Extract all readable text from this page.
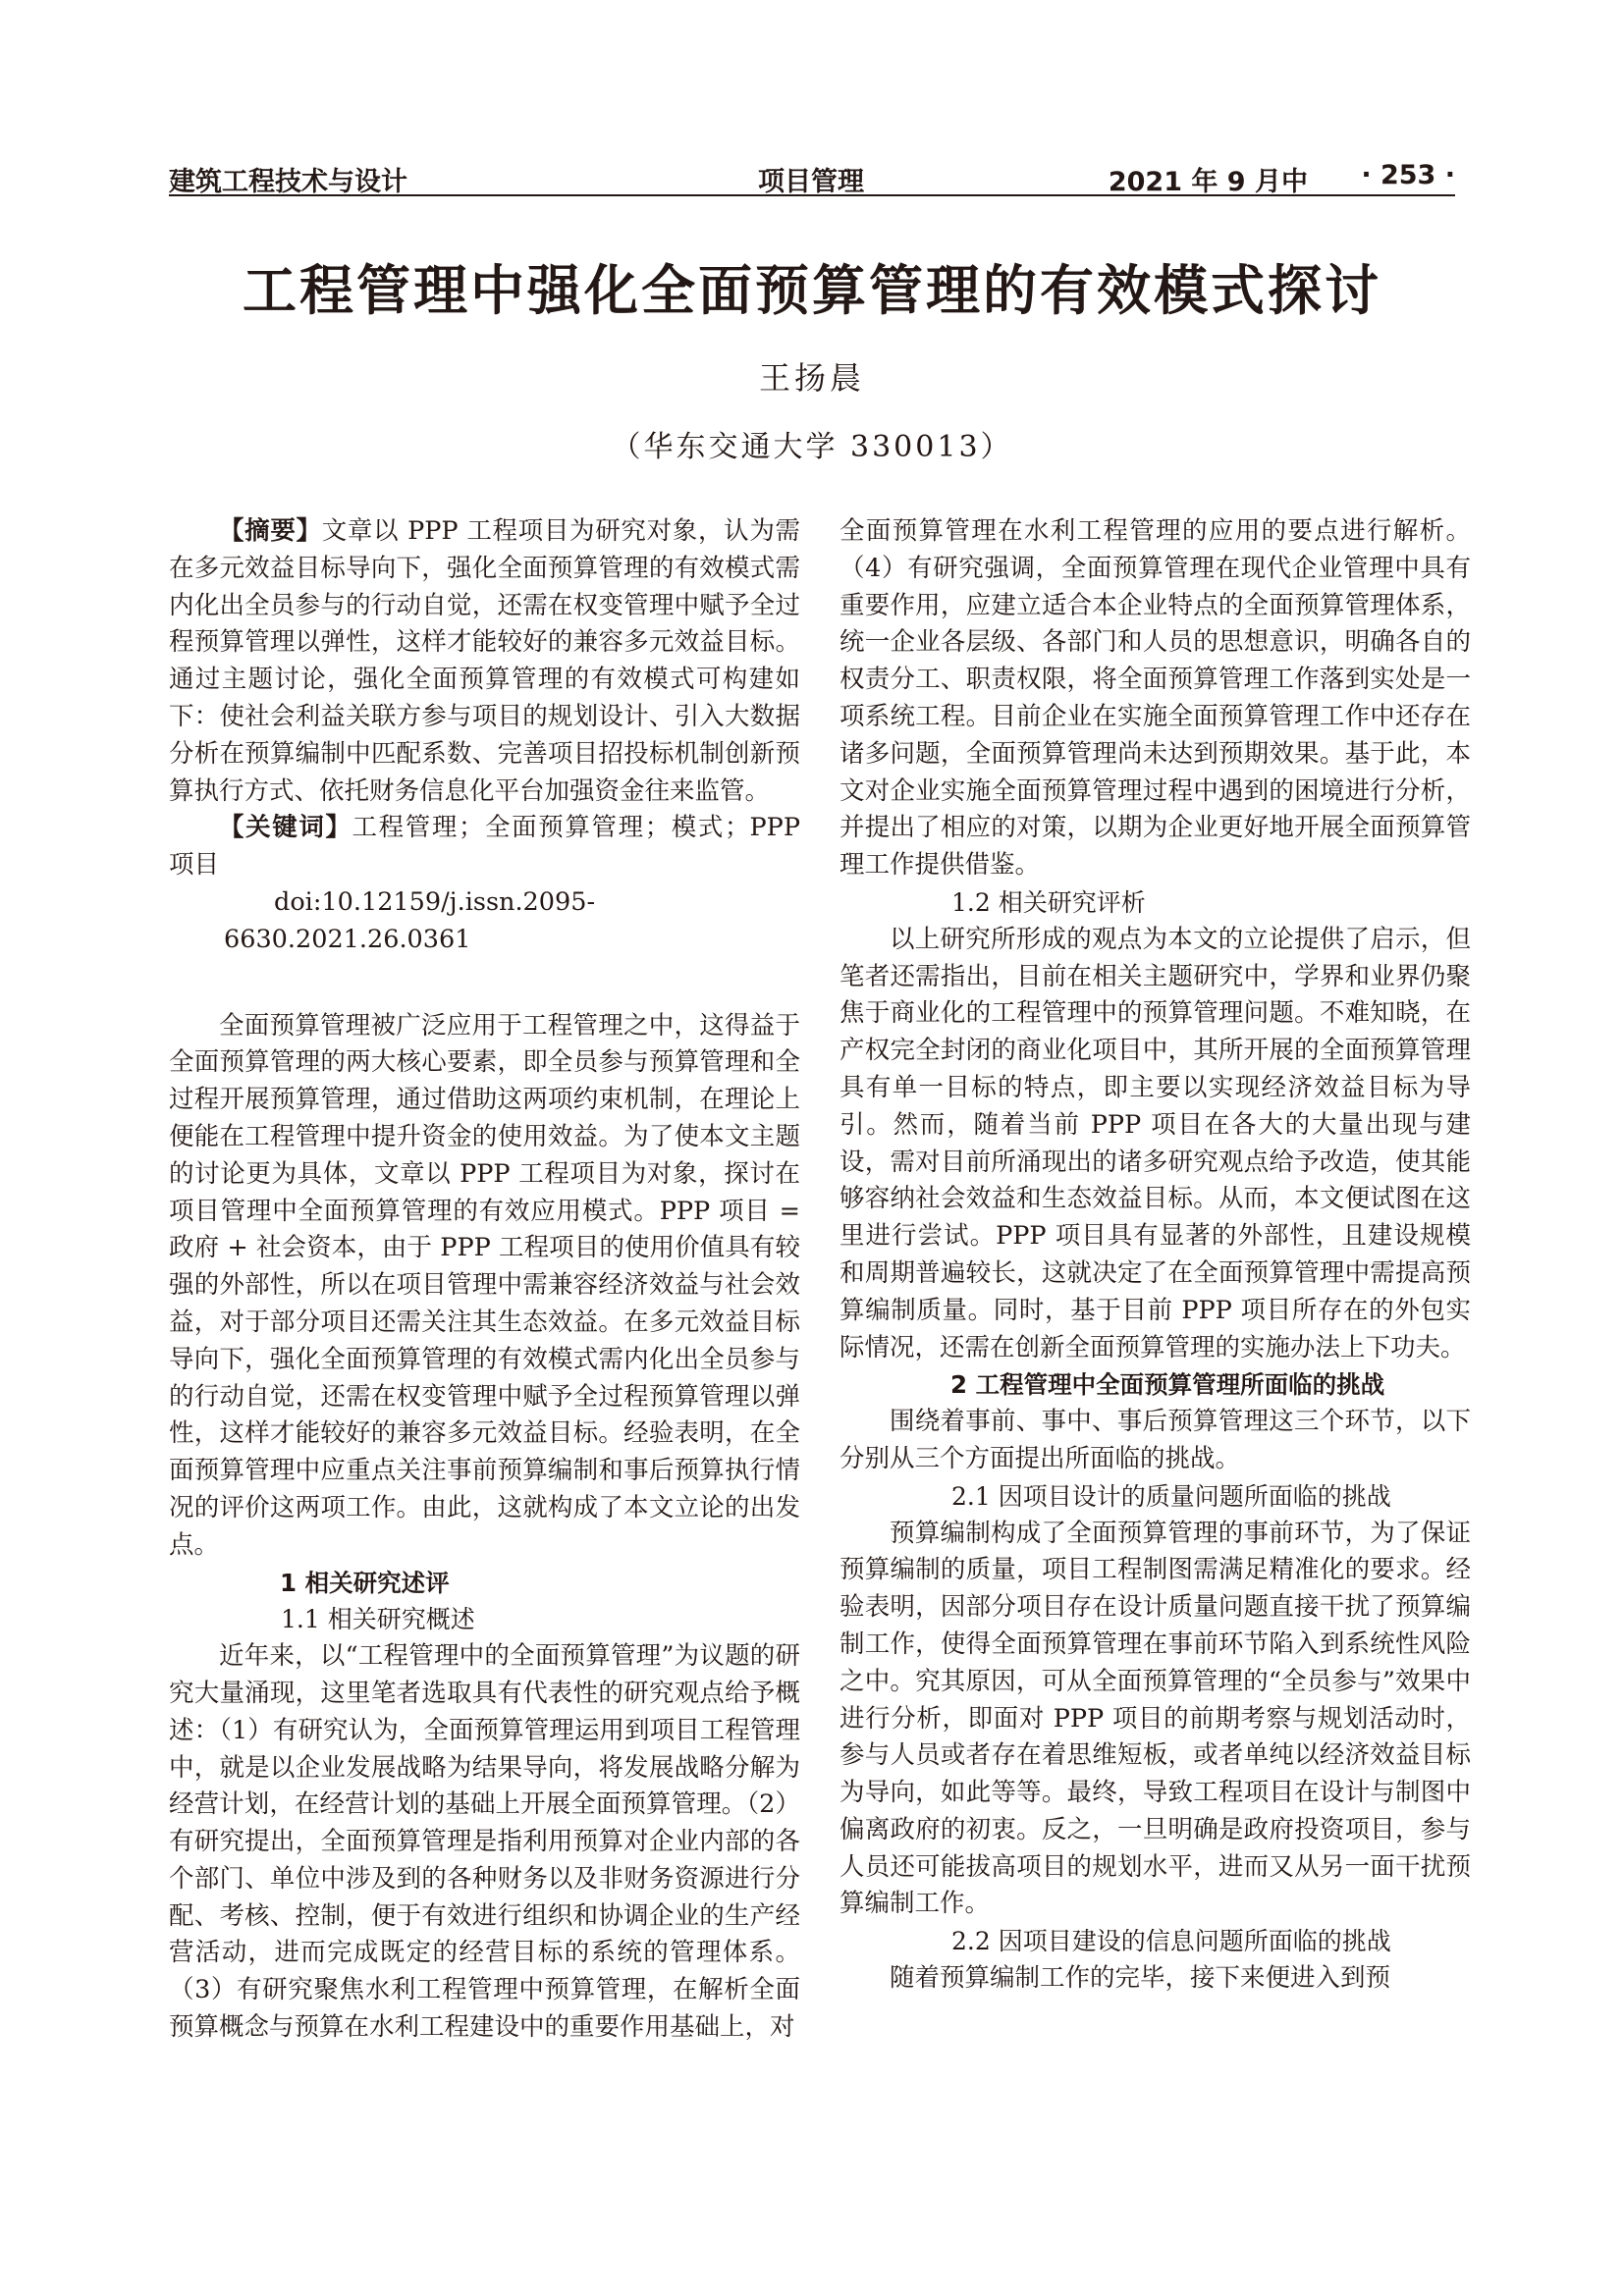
建筑工程技术与设计	项目管理	2021 年 9 月中 · 253 ·
工程管理中强化全面预算管理的有效模式探讨
王扬晨
（华东交通大学 330013）

【摘要】文章以 PPP 工程项目为研究对象，认为需在多元效益目标导向下，强化全面预算管理的有效模式需内化出全员参与的行动自觉，还需在权变管理中赋予全过程预算管理以弹性，这样才能较好的兼容多元效益目标。通过主题讨论，强化全面预算管理的有效模式可构建如下：使社会利益关联方参与项目的规划设计、引入大数据分析在预算编制中匹配系数、完善项目招投标机制创新预算执行方式、依托财务信息化平台加强资金往来监管。

【关键词】工程管理；全面预算管理；模式；PPP 项目

doi:10.12159/j.issn.2095-6630.2021.26.0361

全面预算管理被广泛应用于工程管理之中，这得益于全面预算管理的两大核心要素，即全员参与预算管理和全过程开展预算管理，通过借助这两项约束机制，在理论上便能在工程管理中提升资金的使用效益。为了使本文主题的讨论更为具体，文章以 PPP 工程项目为对象，探讨在项目管理中全面预算管理的有效应用模式。PPP 项目 = 政府 + 社会资本，由于 PPP 工程项目的使用价值具有较强的外部性，所以在项目管理中需兼容经济效益与社会效益，对于部分项目还需关注其生态效益。在多元效益目标导向下，强化全面预算管理的有效模式需内化出全员参与的行动自觉，还需在权变管理中赋予全过程预算管理以弹性，这样才能较好的兼容多元效益目标。经验表明，在全面预算管理中应重点关注事前预算编制和事后预算执行情况的评价这两项工作。由此，这就构成了本文立论的出发点。

1 相关研究述评

1.1 相关研究概述

近年来，以“工程管理中的全面预算管理”为议题的研究大量涌现，这里笔者选取具有代表性的研究观点给予概述：（1）有研究认为，全面预算管理运用到项目工程管理中，就是以企业发展战略为结果导向，将发展战略分解为经营计划，在经营计划的基础上开展全面预算管理。（2）有研究提出，全面预算管理是指利用预算对企业内部的各个部门、单位中涉及到的各种财务以及非财务资源进行分配、考核、控制，便于有效进行组织和协调企业的生产经营活动，进而完成既定的经营目标的系统的管理体系。（3）有研究聚焦水利工程管理中预算管理，在解析全面预算概念与预算在水利工程建设中的重要作用基础上，对

全面预算管理在水利工程管理的应用的要点进行解析。（4）有研究强调，全面预算管理在现代企业管理中具有重要作用，应建立适合本企业特点的全面预算管理体系，统一企业各层级、各部门和人员的思想意识，明确各自的权责分工、职责权限，将全面预算管理工作落到实处是一项系统工程。目前企业在实施全面预算管理工作中还存在诸多问题，全面预算管理尚未达到预期效果。基于此，本文对企业实施全面预算管理过程中遇到的困境进行分析，并提出了相应的对策，以期为企业更好地开展全面预算管理工作提供借鉴。

1.2 相关研究评析

以上研究所形成的观点为本文的立论提供了启示，但笔者还需指出，目前在相关主题研究中，学界和业界仍聚焦于商业化的工程管理中的预算管理问题。不难知晓，在产权完全封闭的商业化项目中，其所开展的全面预算管理具有单一目标的特点，即主要以实现经济效益目标为导引。然而，随着当前 PPP 项目在各大的大量出现与建设，需对目前所涌现出的诸多研究观点给予改造，使其能够容纳社会效益和生态效益目标。从而，本文便试图在这里进行尝试。PPP 项目具有显著的外部性，且建设规模和周期普遍较长，这就决定了在全面预算管理中需提高预算编制质量。同时，基于目前 PPP 项目所存在的外包实际情况，还需在创新全面预算管理的实施办法上下功夫。

2 工程管理中全面预算管理所面临的挑战

围绕着事前、事中、事后预算管理这三个环节，以下分别从三个方面提出所面临的挑战。

2.1 因项目设计的质量问题所面临的挑战

预算编制构成了全面预算管理的事前环节，为了保证预算编制的质量，项目工程制图需满足精准化的要求。经验表明，因部分项目存在设计质量问题直接干扰了预算编制工作，使得全面预算管理在事前环节陷入到系统性风险之中。究其原因，可从全面预算管理的“全员参与”效果中进行分析，即面对 PPP 项目的前期考察与规划活动时，参与人员或者存在着思维短板，或者单纯以经济效益目标为导向，如此等等。最终，导致工程项目在设计与制图中偏离政府的初衷。反之，一旦明确是政府投资项目，参与人员还可能拔高项目的规划水平，进而又从另一面干扰预算编制工作。

2.2 因项目建设的信息问题所面临的挑战

随着预算编制工作的完毕，接下来便进入到预
